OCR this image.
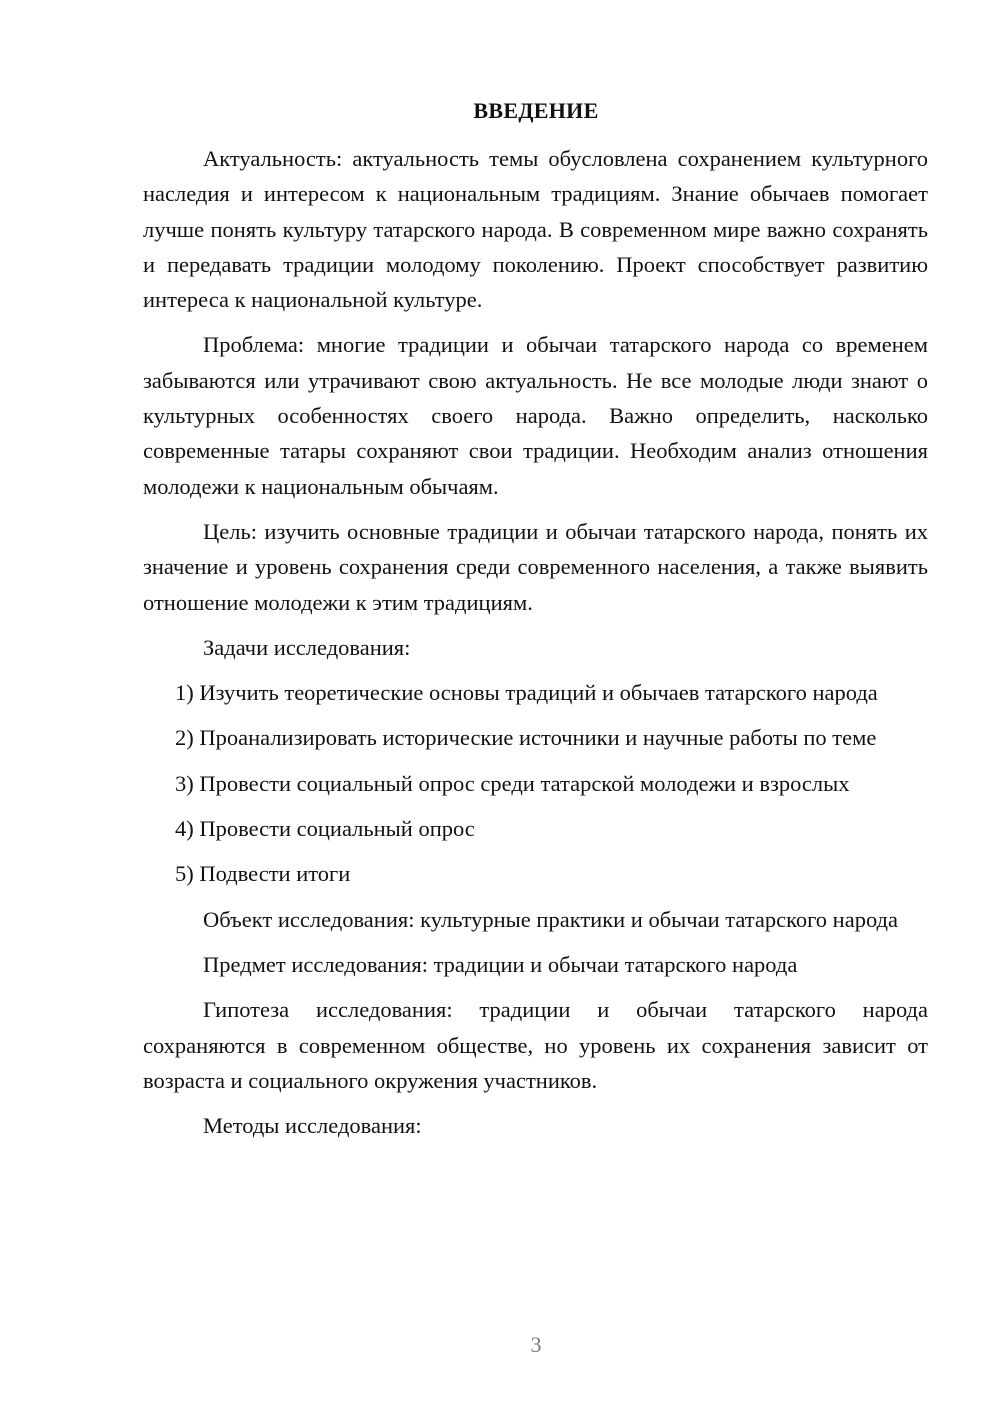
ВВЕДЕНИЕ

Актуальность: актуальность темы обусловлена сохранением культурного наследия и интересом к национальным традициям. Знание обычаев помогает лучше понять культуру татарского народа. В современном мире важно сохранять и передавать традиции молодому поколению. Проект способствует развитию интереса к национальной культуре.

Проблема: многие традиции и обычаи татарского народа со временем забываются или утрачивают свою актуальность. Не все молодые люди знают о культурных особенностях своего народа. Важно определить, насколько современные татары сохраняют свои традиции. Необходим анализ отношения молодежи к национальным обычаям.

Цель: изучить основные традиции и обычаи татарского народа, понять их значение и уровень сохранения среди современного населения, а также выявить отношение молодежи к этим традициям.

Задачи исследования:

1) Изучить теоретические основы традиций и обычаев татарского народа

2) Проанализировать исторические источники и научные работы по теме

3) Провести социальный опрос среди татарской молодежи и взрослых

4) Провести социальный опрос

5) Подвести итоги

Объект исследования: культурные практики и обычаи татарского народа

Предмет исследования: традиции и обычаи татарского народа

Гипотеза исследования: традиции и обычаи татарского народа сохраняются в современном обществе, но уровень их сохранения зависит от возраста и социального окружения участников.

Методы исследования:

3
